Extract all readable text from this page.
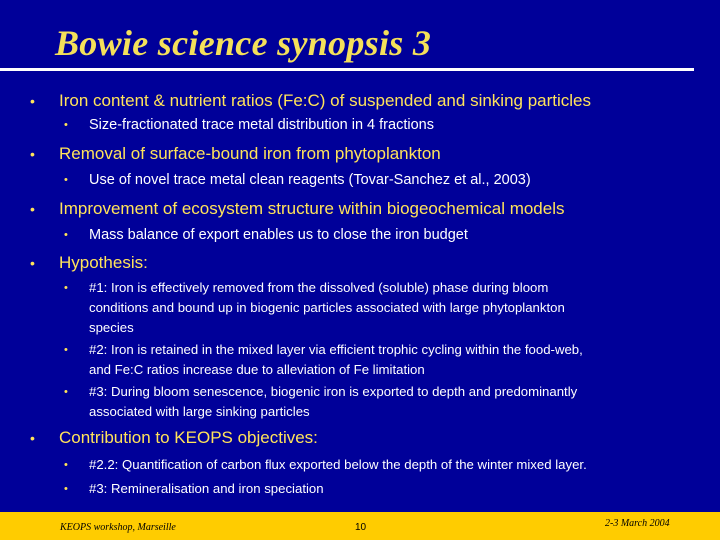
Bowie science synopsis 3
• Iron content & nutrient ratios (Fe:C) of suspended and sinking particles
• Size-fractionated trace metal distribution in 4 fractions
• Removal of surface-bound iron from phytoplankton
• Use of novel trace metal clean reagents (Tovar-Sanchez et al., 2003)
• Improvement of ecosystem structure within biogeochemical models
• Mass balance of export enables us to close the iron budget
• Hypothesis:
• #1: Iron is effectively removed from the dissolved (soluble) phase during bloom
conditions and bound up in biogenic particles associated with large phytoplankton
species
• #2: Iron is retained in the mixed layer via efficient trophic cycling within the food-web,
and Fe:C ratios increase due to alleviation of Fe limitation
• #3: During bloom senescence, biogenic iron is exported to depth and predominantly
associated with large sinking particles
• Contribution to KEOPS objectives:
• #2.2: Quantification of carbon flux exported below the depth of the winter mixed layer.
• #3: Remineralisation and iron speciation
KEOPS workshop, Marseille	10	2-3 March 2004
